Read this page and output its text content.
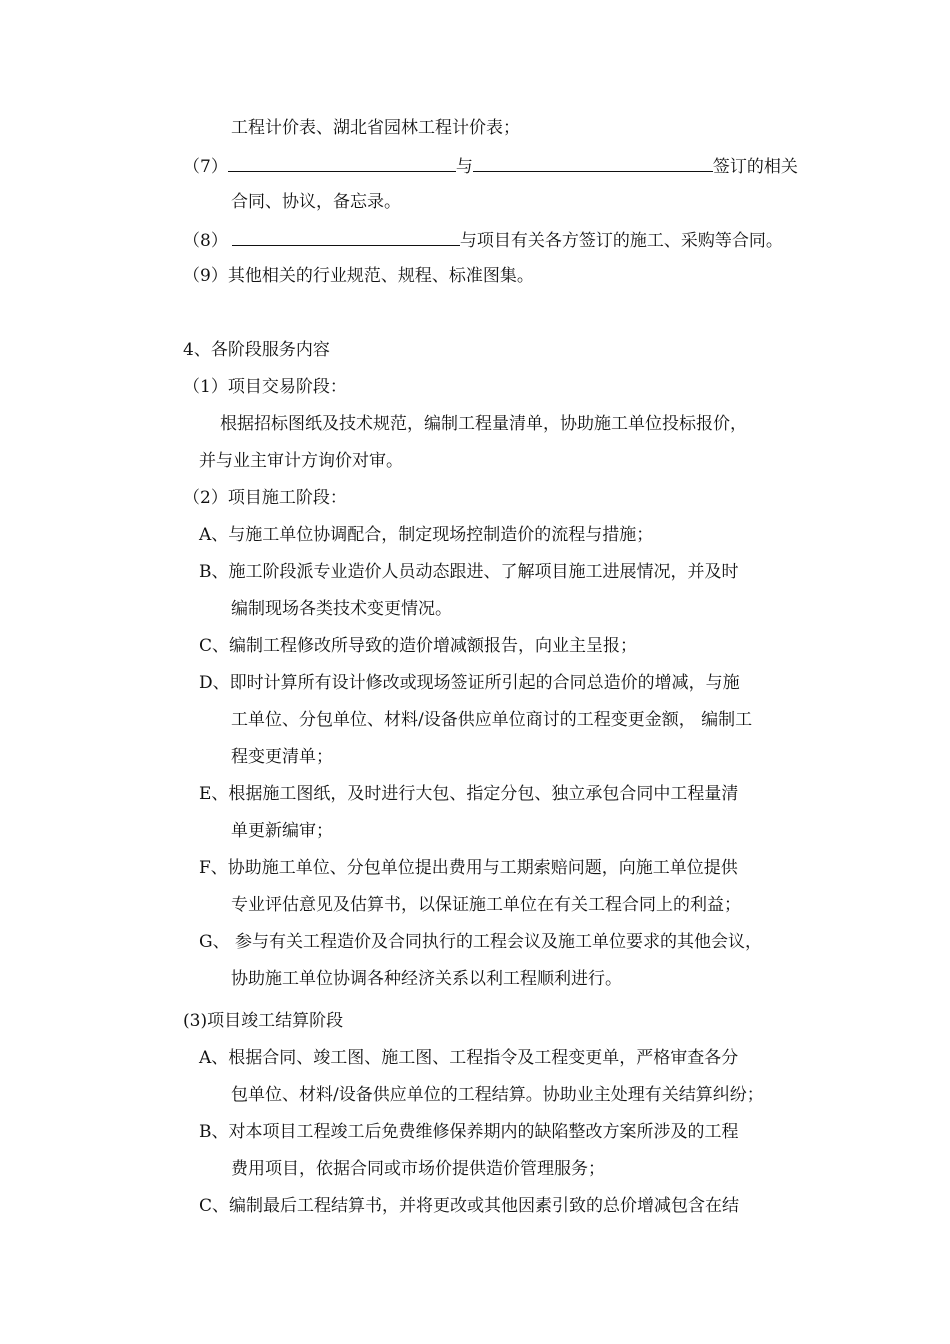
工程计价表、湖北省园林工程计价表；
（7）	与	签订的相关
合同、协议，备忘录。
（8）	与项目有关各方签订的施工、采购等合同。
（9）其他相关的行业规范、规程、标准图集。
4、各阶段服务内容
（1）项目交易阶段：
根据招标图纸及技术规范，编制工程量清单，协助施工单位投标报价，
并与业主审计方询价对审。
（2）项目施工阶段：
A、与施工单位协调配合，制定现场控制造价的流程与措施；
B、施工阶段派专业造价人员动态跟进、了解项目施工进展情况，并及时
编制现场各类技术变更情况。
C、编制工程修改所导致的造价增减额报告，向业主呈报；
D、即时计算所有设计修改或现场签证所引起的合同总造价的增减，与施
工单位、分包单位、材料/设备供应单位商讨的工程变更金额， 编制工
程变更清单；
E、根据施工图纸，及时进行大包、指定分包、独立承包合同中工程量清
单更新编审；
F、协助施工单位、分包单位提出费用与工期索赔问题，向施工单位提供
专业评估意见及估算书，以保证施工单位在有关工程合同上的利益；
G、 参与有关工程造价及合同执行的工程会议及施工单位要求的其他会议，
协助施工单位协调各种经济关系以利工程顺利进行。
(3)项目竣工结算阶段
A、根据合同、竣工图、施工图、工程指令及工程变更单，严格审查各分
包单位、材料/设备供应单位的工程结算。协助业主处理有关结算纠纷；
B、对本项目工程竣工后免费维修保养期内的缺陷整改方案所涉及的工程
费用项目，依据合同或市场价提供造价管理服务；
C、编制最后工程结算书，并将更改或其他因素引致的总价增减包含在结
